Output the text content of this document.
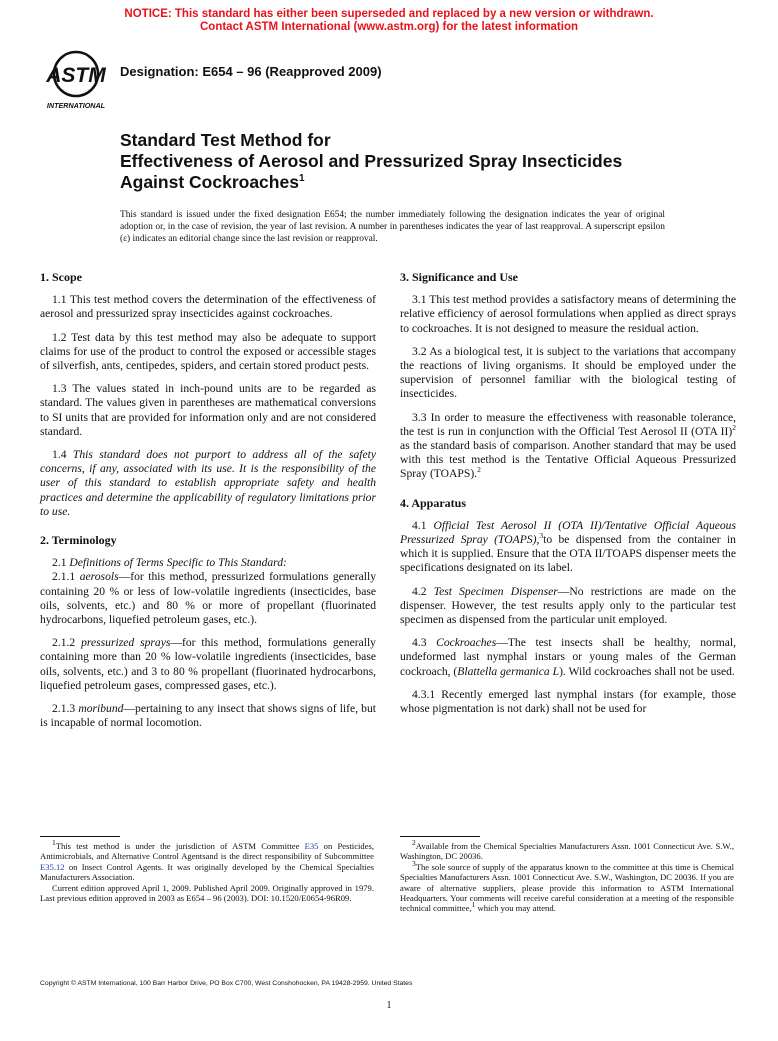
NOTICE: This standard has either been superseded and replaced by a new version or withdrawn.
Contact ASTM International (www.astm.org) for the latest information
ASTM
INTERNATIONAL
Designation: E654 – 96 (Reapproved 2009)
Standard Test Method for
Effectiveness of Aerosol and Pressurized Spray Insecticides
Against Cockroaches$^1$
This standard is issued under the fixed designation E654; the number immediately following the designation indicates the year of original adoption or, in the case of revision, the year of last revision. A number in parentheses indicates the year of last reapproval. A superscript epsilon (ε) indicates an editorial change since the last revision or reapproval.
1. Scope

1.1 This test method covers the determination of the effectiveness of aerosol and pressurized spray insecticides against cockroaches.

1.2 Test data by this test method may also be adequate to support claims for use of the product to control the exposed or accessible stages of silverfish, ants, centipedes, spiders, and certain stored product pests.

1.3 The values stated in inch-pound units are to be regarded as standard. The values given in parentheses are mathematical conversions to SI units that are provided for information only and are not considered standard.

1.4 This standard does not purport to address all of the safety concerns, if any, associated with its use. It is the responsibility of the user of this standard to establish appropriate safety and health practices and determine the applicability of regulatory limitations prior to use.

2. Terminology

2.1 Definitions of Terms Specific to This Standard:

2.1.1 aerosols—for this method, pressurized formulations generally containing 20 % or less of low-volatile ingredients (insecticides, base oils, solvents, etc.) and 80 % or more of propellant (fluorinated hydrocarbons, liquefied petroleum gases, etc.).

2.1.2 pressurized sprays—for this method, formulations generally containing more than 20 % low-volatile ingredients (insecticides, base oils, solvents, etc.) and 3 to 80 % propellant (fluorinated hydrocarbons, liquefied petroleum gases, compressed gases, etc.).

2.1.3 moribund—pertaining to any insect that shows signs of life, but is incapable of normal locomotion.

3. Significance and Use

3.1 This test method provides a satisfactory means of determining the relative efficiency of aerosol formulations when applied as direct sprays to cockroaches. It is not designed to measure the residual action.

3.2 As a biological test, it is subject to the variations that accompany the reactions of living organisms. It should be employed under the supervision of personnel familiar with the biological testing of insecticides.

3.3 In order to measure the effectiveness with reasonable tolerance, the test is run in conjunction with the Official Test Aerosol II (OTA II)$^2$ as the standard basis of comparison. Another standard that may be used with this test method is the Tentative Official Aqueous Pressurized Spray (TOAPS).$^2$

4. Apparatus

4.1 Official Test Aerosol II (OTA II)/Tentative Official Aqueous Pressurized Spray (TOAPS),$^3$to be dispensed from the container in which it is supplied. Ensure that the OTA II/TOAPS dispenser meets the specifications designated on its label.

4.2 Test Specimen Dispenser—No restrictions are made on the dispenser. However, the test results apply only to the particular test specimen as dispensed from the particular unit employed.

4.3 Cockroaches—The test insects shall be healthy, normal, undeformed last nymphal instars or young males of the German cockroach, (Blattella germanica L). Wild cockroaches shall not be used.

4.3.1 Recently emerged last nymphal instars (for example, those whose pigmentation is not dark) shall not be used for

$^1$This test method is under the jurisdiction of ASTM Committee E35 on Pesticides, Antimicrobials, and Alternative Control Agentsand is the direct responsibility of Subcommittee E35.12 on Insect Control Agents. It was originally developed by the Chemical Specialties Manufacturers Association.

Current edition approved April 1, 2009. Published April 2009. Originally approved in 1979. Last previous edition approved in 2003 as E654 – 96 (2003). DOI: 10.1520/E0654-96R09.

$^2$Available from the Chemical Specialties Manufacturers Assn. 1001 Connecticut Ave. S.W., Washington, DC 20036.

$^3$The sole source of supply of the apparatus known to the committee at this time is Chemical Specialties Manufacturers Assn. 1001 Connecticut Ave. S.W., Washington, DC 20036. If you are aware of alternative suppliers, please provide this information to ASTM International Headquarters. Your comments will receive careful consideration at a meeting of the responsible technical committee,$^1$ which you may attend.

Copyright © ASTM International, 100 Barr Harbor Drive, PO Box C700, West Conshohocken, PA 19428-2959. United States
1
